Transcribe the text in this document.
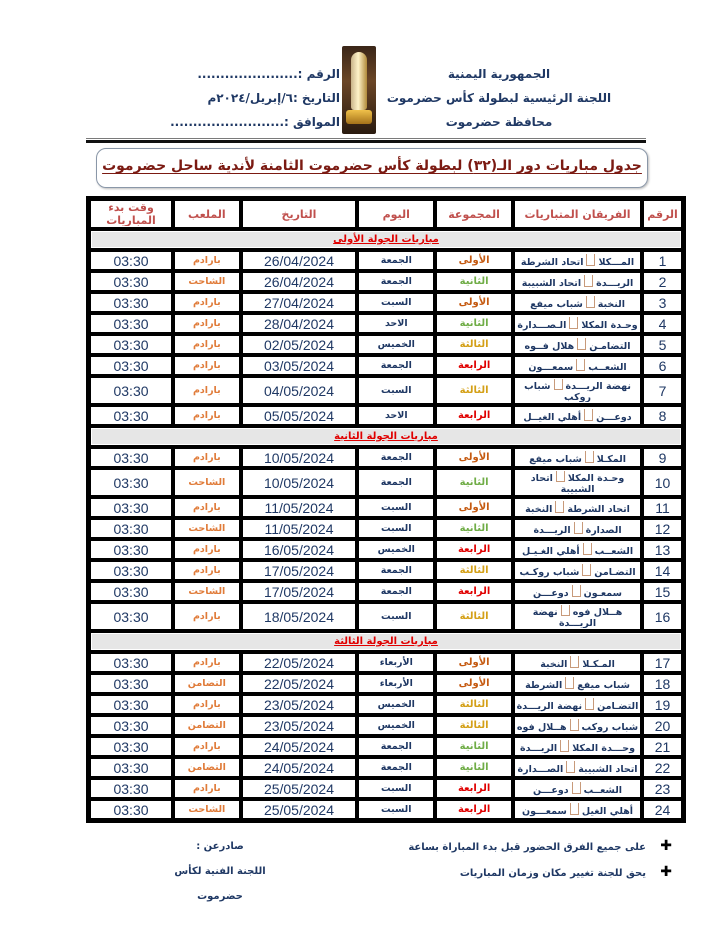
الجمهورية اليمنية
اللجنة الرئيسية لبطولة كأس حضرموت
محافظة حضرموت
الرقم :......................
التاريخ :٦/إبريل/٢٠٢٤م
الموافق :.........................
جدول مباريات دور الـ(٣٢) لبطولة كأس حضرموت الثامنة لأندية ساحل حضرموت
الرقم	الفريقان المتباريات	المجموعة	اليوم	التاريخ	الملعب	وقت بدء المباريات
مباريات الجولة الأولى						
1	المـــكلااتحاد الشرطة	الأولى	الجمعة	26/04/2024	بارادم	03:30
2	الريـــدةاتحاد الشبيبة	الثانية	الجمعة	26/04/2024	الشاحت	03:30
3	النخبةشباب ميفع	الأولى	السبت	27/04/2024	بارادم	03:30
4	وحـدة المكلاالـصـــدارة	الثانية	الاحد	28/04/2024	بارادم	03:30
5	التضامـنهلال فــوه	الثالثة	الخميس	02/05/2024	بارادم	03:30
6	الشعــبسمعـــون	الرابعة	الجمعة	03/05/2024	بارادم	03:30
7	نهضة الريـــدةشباب روكب	الثالثة	السبت	04/05/2024	بارادم	03:30
8	دوعـــنأهلي الغيــل	الرابعة	الاحد	05/05/2024	بارادم	03:30
مباريات الجولة الثانية						
9	المكـلاشباب ميفع	الأولى	الجمعة	10/05/2024	بارادم	03:30
10	وحـدة المكلااتحاد الشبيبة	الثانية	الجمعة	10/05/2024	الشاحت	03:30
11	اتحاد الشرطةالنخبة	الأولى	السبت	11/05/2024	بارادم	03:30
12	الصدارةالريـــدة	الثانية	السبت	11/05/2024	الشاحت	03:30
13	الشعــبأهلي الغـيـل	الرابعة	الخميس	16/05/2024	بارادم	03:30
14	التضـامنشباب روكـب	الثالثة	الجمعة	17/05/2024	بارادم	03:30
15	سمعـوندوعـــن	الرابعة	الجمعة	17/05/2024	الشاحت	03:30
16	هــلال فوهنهضة الريـــدة	الثالثة	السبت	18/05/2024	بارادم	03:30
مباريات الجولة الثالثة						
17	المـكـلاالنخبة	الأولى	الأربعاء	22/05/2024	بارادم	03:30
18	شباب ميفعالشرطة	الأولى	الأربعاء	22/05/2024	التضامن	03:30
19	التضـامننهضة الريـــدة	الثالثة	الخميس	23/05/2024	بارادم	03:30
20	شباب روكبهــلال فوه	الثالثة	الخميس	23/05/2024	التضامن	03:30
21	وحـــدة المكلاالريـــدة	الثانية	الجمعة	24/05/2024	بارادم	03:30
22	اتحاد الشبيبةالصـــدارة	الثانية	الجمعة	24/05/2024	التضامن	03:30
23	الشعــبدوعـــن	الرابعة	السبت	25/05/2024	بارادم	03:30
24	أهلي الغيلسمعـــون	الرابعة	السبت	25/05/2024	الشاحت	03:30
✚على جميع الفرق الحضور قبل بدء المباراة بساعة
✚يحق للجنة تغيير مكان وزمان المباريات
صادرعن :
اللجنة الفنية لكأس حضرموت
